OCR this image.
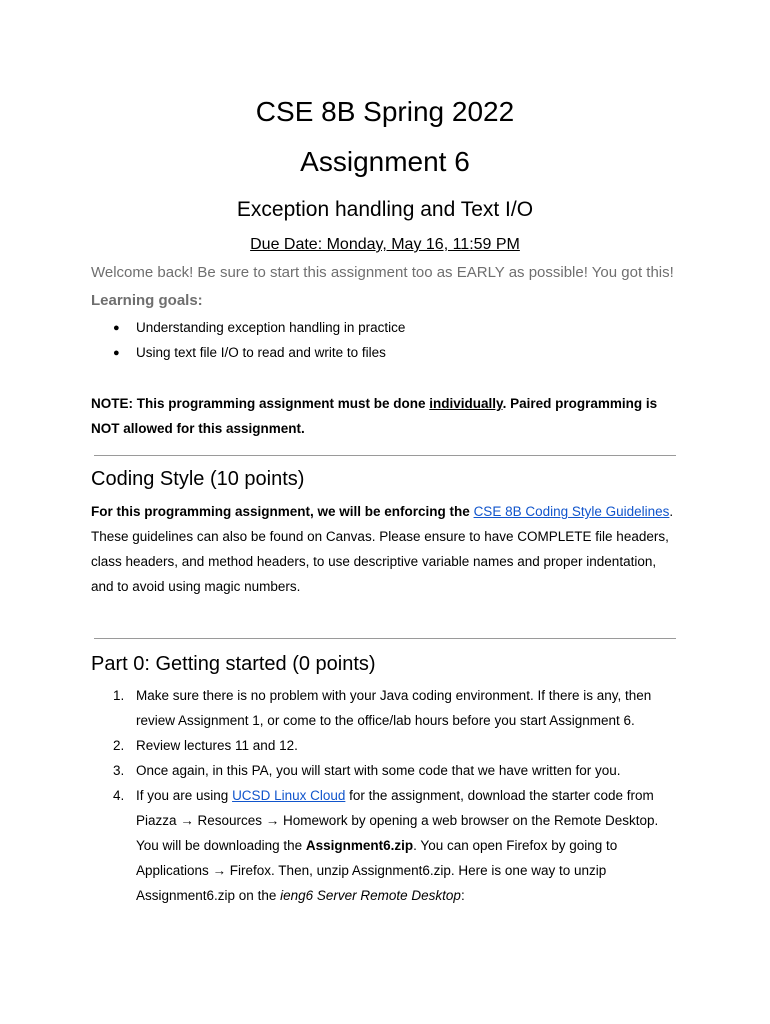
CSE 8B Spring 2022
Assignment 6
Exception handling and Text I/O
Due Date: Monday, May 16, 11:59 PM
Welcome back! Be sure to start this assignment too as EARLY as possible! You got this!
Learning goals:
● Understanding exception handling in practice
● Using text file I/O to read and write to files
NOTE: This programming assignment must be done individually. Paired programming is NOT allowed for this assignment.
Coding Style (10 points)
For this programming assignment, we will be enforcing the CSE 8B Coding Style Guidelines. These guidelines can also be found on Canvas. Please ensure to have COMPLETE file headers, class headers, and method headers, to use descriptive variable names and proper indentation, and to avoid using magic numbers.
Part 0: Getting started (0 points)
1. Make sure there is no problem with your Java coding environment. If there is any, then review Assignment 1, or come to the office/lab hours before you start Assignment 6.
2. Review lectures 11 and 12.
3. Once again, in this PA, you will start with some code that we have written for you.
4. If you are using UCSD Linux Cloud for the assignment, download the starter code from Piazza → Resources → Homework by opening a web browser on the Remote Desktop. You will be downloading the Assignment6.zip. You can open Firefox by going to Applications → Firefox. Then, unzip Assignment6.zip. Here is one way to unzip Assignment6.zip on the ieng6 Server Remote Desktop:
